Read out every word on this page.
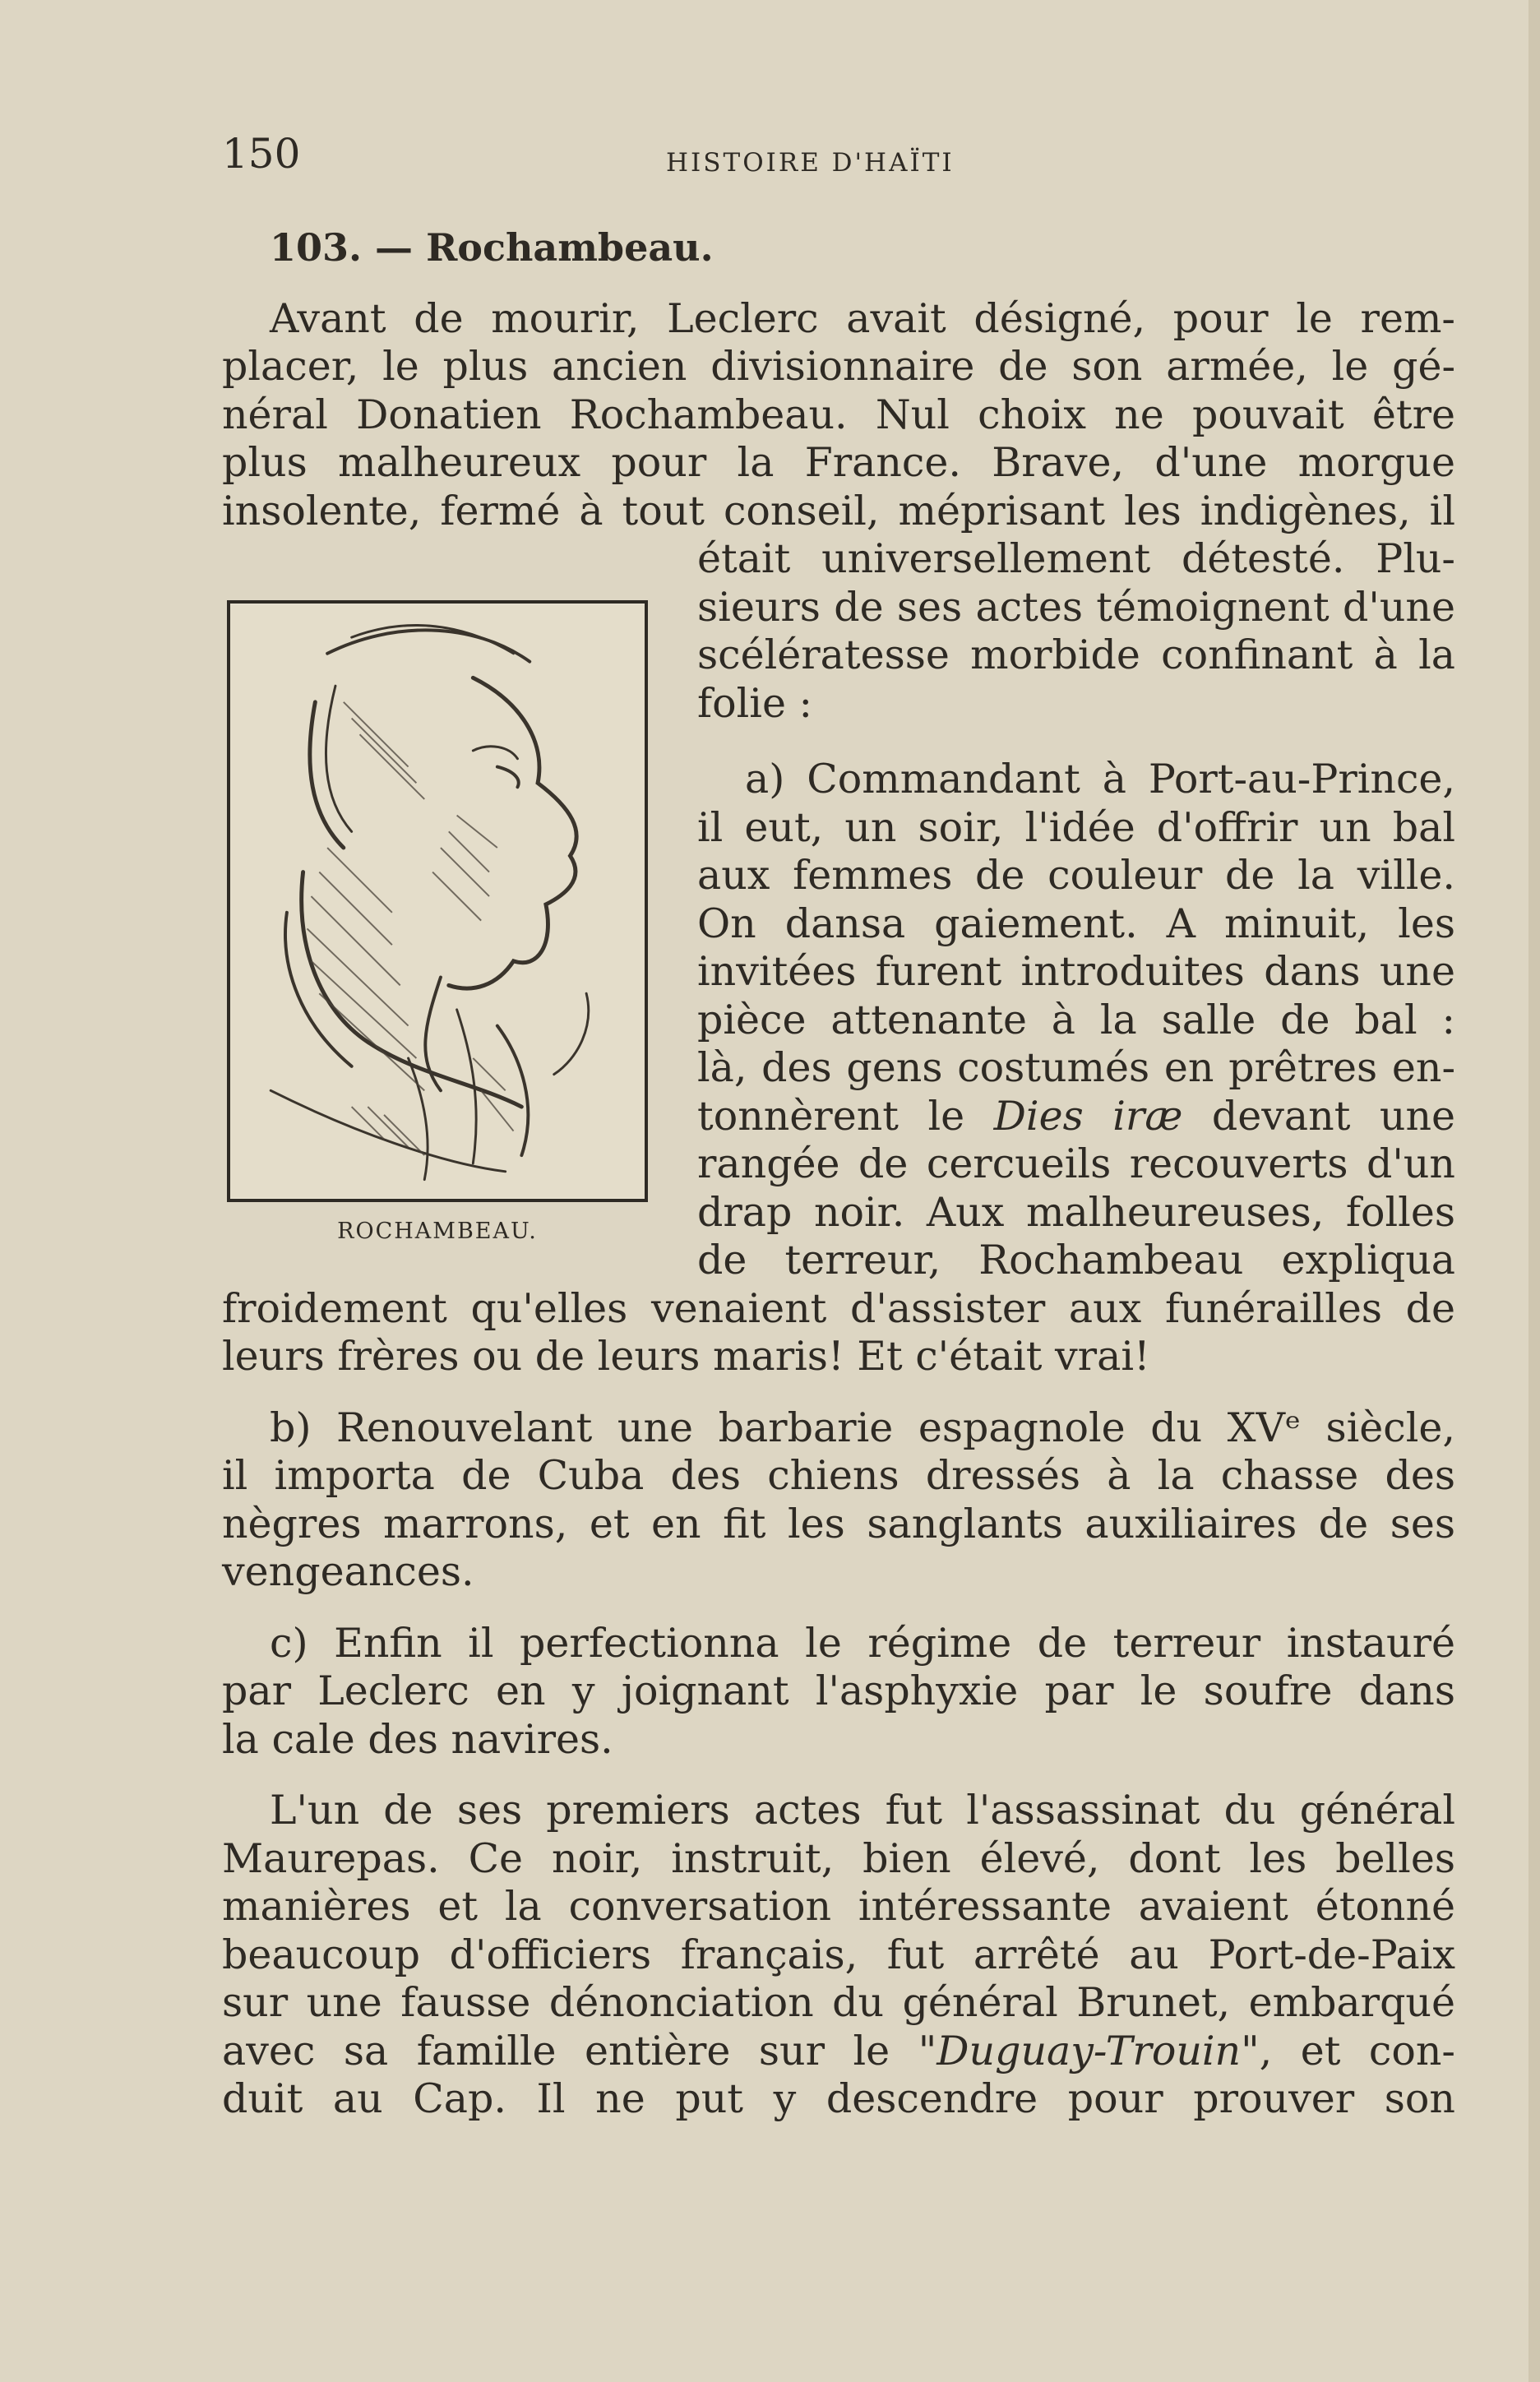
150	HISTOIRE D'HAÏTI
ROCHAMBEAU.

103. — Rochambeau.

Avant de mourir, Leclerc avait désigné, pour le rem-

placer, le plus ancien divisionnaire de son armée, le gé-

néral Donatien Rochambeau. Nul choix ne pouvait être

plus malheureux pour la France. Brave, d'une morgue

insolente, fermé à tout conseil, méprisant les indigènes, il

était universellement détesté. Plu-

sieurs de ses actes témoignent d'une

scélératesse morbide confinant à la

folie :

a) Commandant à Port-au-Prince,

il eut, un soir, l'idée d'offrir un bal

aux femmes de couleur de la ville.

On dansa gaiement. A minuit, les

invitées furent introduites dans une

pièce attenante à la salle de bal :

là, des gens costumés en prêtres en-

tonnèrent le Dies iræ devant une

rangée de cercueils recouverts d'un

drap noir. Aux malheureuses, folles

de terreur, Rochambeau expliqua

froidement qu'elles venaient d'assister aux funérailles de

leurs frères ou de leurs maris! Et c'était vrai!

b) Renouvelant une barbarie espagnole du XVᵉ siècle,

il importa de Cuba des chiens dressés à la chasse des

nègres marrons, et en fit les sanglants auxiliaires de ses

vengeances.

c) Enfin il perfectionna le régime de terreur instauré

par Leclerc en y joignant l'asphyxie par le soufre dans

la cale des navires.

L'un de ses premiers actes fut l'assassinat du général

Maurepas. Ce noir, instruit, bien élevé, dont les belles

manières et la conversation intéressante avaient étonné

beaucoup d'officiers français, fut arrêté au Port-de-Paix

sur une fausse dénonciation du général Brunet, embarqué

avec sa famille entière sur le "Duguay-Trouin", et con-

duit au Cap. Il ne put y descendre pour prouver son
